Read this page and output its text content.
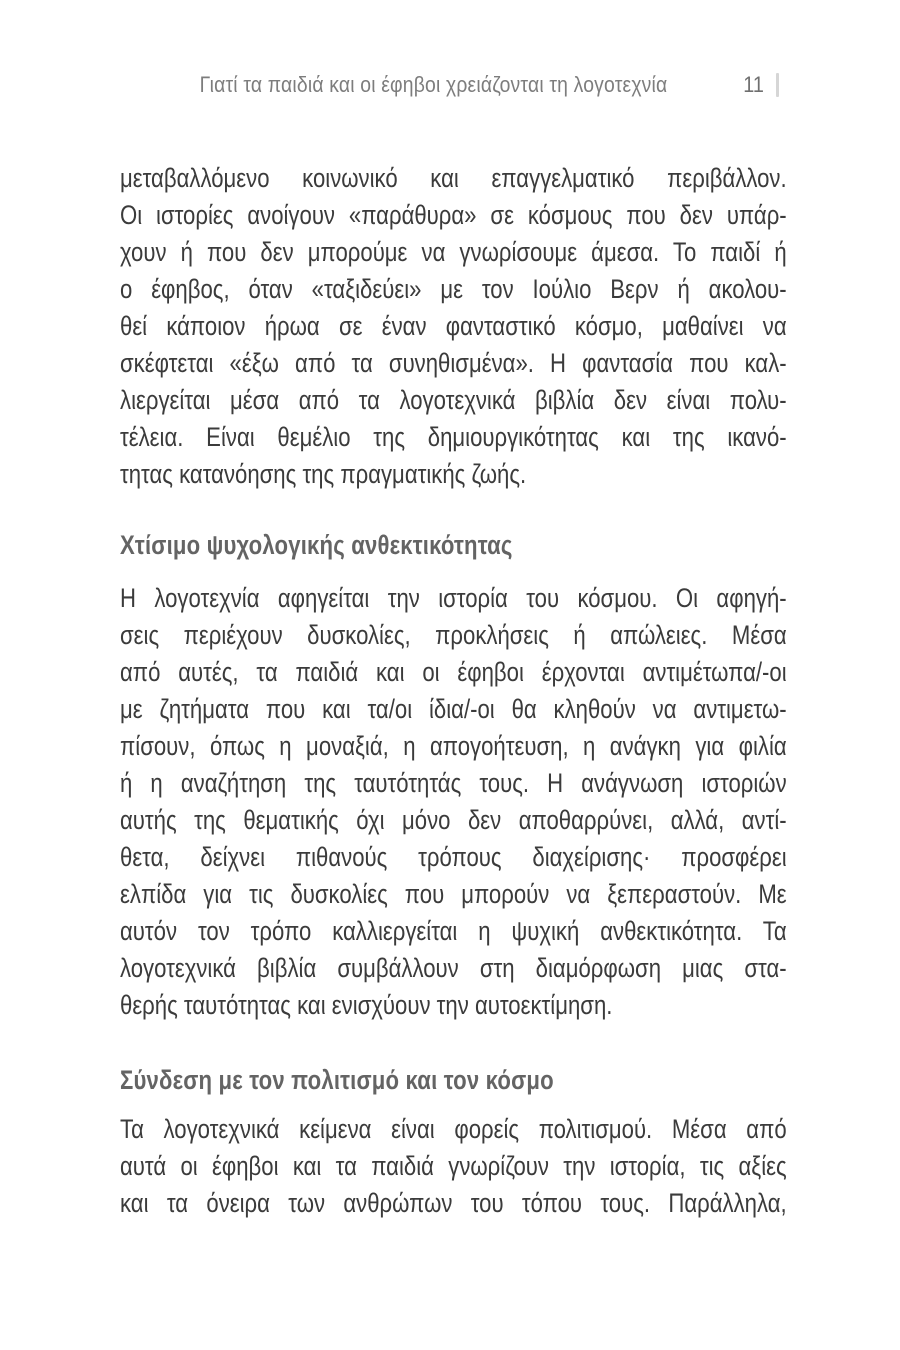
Γιατί τα παιδιά και οι έφηβοι χρειάζονται τη λογοτεχνία	11
μεταβαλλόμενο κοινωνικό και επαγγελματικό περιβάλλον.
Οι ιστορίες ανοίγουν «παράθυρα» σε κόσμους που δεν υπάρ-
χουν ή που δεν μπορούμε να γνωρίσουμε άμεσα. Το παιδί ή
ο έφηβος, όταν «ταξιδεύει» με τον Ιούλιο Βερν ή ακολου-
θεί κάποιον ήρωα σε έναν φανταστικό κόσμο, μαθαίνει να
σκέφτεται «έξω από τα συνηθισμένα». Η φαντασία που καλ-
λιεργείται μέσα από τα λογοτεχνικά βιβλία δεν είναι πολυ-
τέλεια. Είναι θεμέλιο της δημιουργικότητας και της ικανό-
τητας κατανόησης της πραγματικής ζωής.
Χτίσιμο ψυχολογικής ανθεκτικότητας
Η λογοτεχνία αφηγείται την ιστορία του κόσμου. Οι αφηγή-
σεις περιέχουν δυσκολίες, προκλήσεις ή απώλειες. Μέσα
από αυτές, τα παιδιά και οι έφηβοι έρχονται αντιμέτωπα/-οι
με ζητήματα που και τα/οι ίδια/-οι θα κληθούν να αντιμετω-
πίσουν, όπως η μοναξιά, η απογοήτευση, η ανάγκη για φιλία
ή η αναζήτηση της ταυτότητάς τους. Η ανάγνωση ιστοριών
αυτής της θεματικής όχι μόνο δεν αποθαρρύνει, αλλά, αντί-
θετα, δείχνει πιθανούς τρόπους διαχείρισης· προσφέρει
ελπίδα για τις δυσκολίες που μπορούν να ξεπεραστούν. Με
αυτόν τον τρόπο καλλιεργείται η ψυχική ανθεκτικότητα. Τα
λογοτεχνικά βιβλία συμβάλλουν στη διαμόρφωση μιας στα-
θερής ταυτότητας και ενισχύουν την αυτοεκτίμηση.
Σύνδεση με τον πολιτισμό και τον κόσμο
Τα λογοτεχνικά κείμενα είναι φορείς πολιτισμού. Μέσα από
αυτά οι έφηβοι και τα παιδιά γνωρίζουν την ιστορία, τις αξίες
και τα όνειρα των ανθρώπων του τόπου τους. Παράλληλα,
